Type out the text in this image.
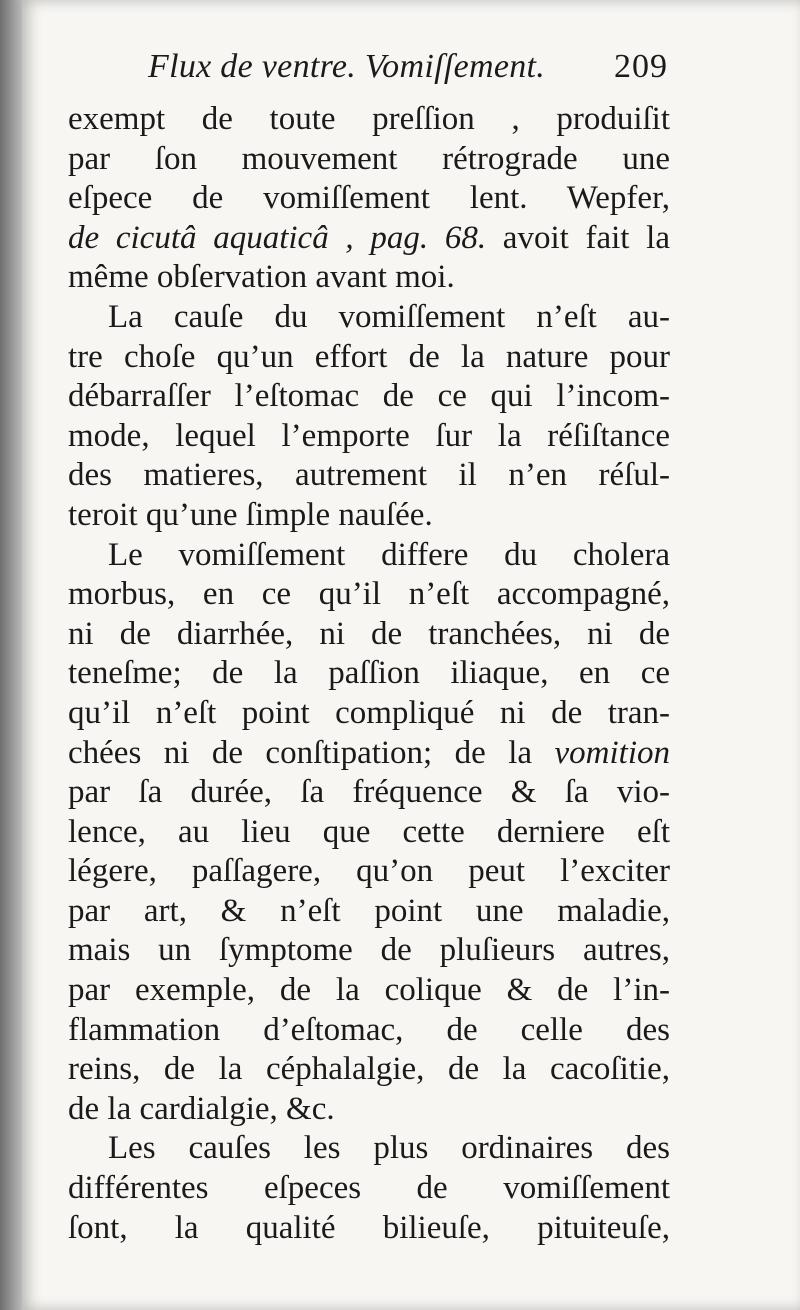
Flux de ventre. Vomiſſement. 209
exempt de toute preſſion , produiſit
par ſon mouvement rétrograde une
eſpece de vomiſſement lent. Wepfer,
de cicutâ aquaticâ , pag. 68. avoit fait la
même obſervation avant moi.
La cauſe du vomiſſement n’eſt au-
tre choſe qu’un effort de la nature pour
débarraſſer l’eſtomac de ce qui l’incom-
mode, lequel l’emporte ſur la réſiſtance
des matieres, autrement il n’en réſul-
teroit qu’une ſimple nauſée.
Le vomiſſement differe du cholera
morbus, en ce qu’il n’eſt accompagné,
ni de diarrhée, ni de tranchées, ni de
teneſme; de la paſſion iliaque, en ce
qu’il n’eſt point compliqué ni de tran-
chées ni de conſtipation; de la vomition
par ſa durée, ſa fréquence & ſa vio-
lence, au lieu que cette derniere eſt
légere, paſſagere, qu’on peut l’exciter
par art, & n’eſt point une maladie,
mais un ſymptome de pluſieurs autres,
par exemple, de la colique & de l’in-
flammation d’eſtomac, de celle des
reins, de la céphalalgie, de la cacoſitie,
de la cardialgie, &c.
Les cauſes les plus ordinaires des
différentes eſpeces de vomiſſement
ſont, la qualité bilieuſe, pituiteuſe,
